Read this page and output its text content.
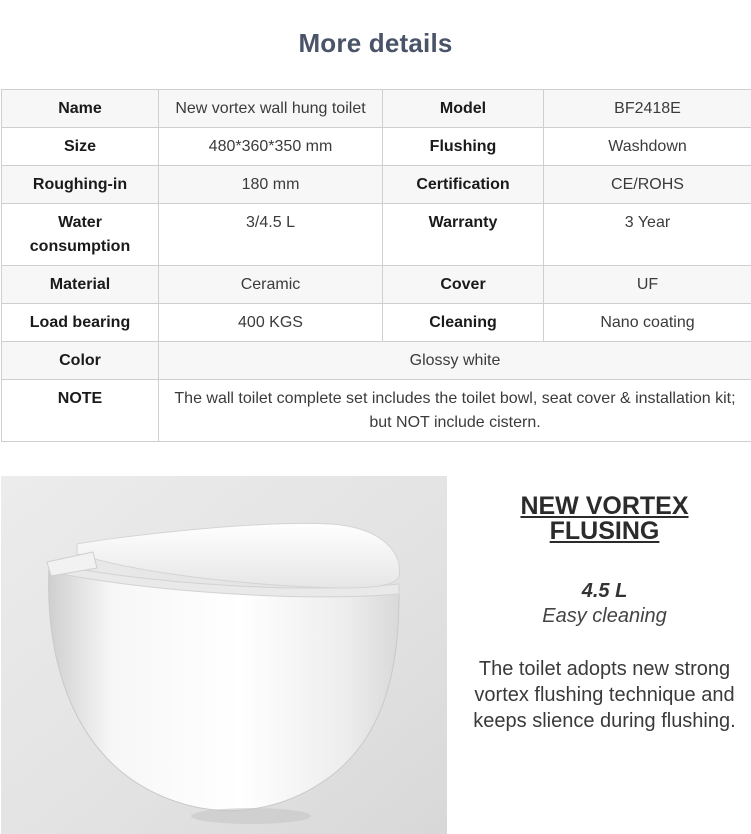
More details
Name	New vortex wall hung toilet	Model	BF2418E
Size	480*360*350 mm	Flushing	Washdown
Roughing-in	180 mm	Certification	CE/ROHS
Water consumption	3/4.5 L	Warranty	3 Year
Material	Ceramic	Cover	UF
Load bearing	400 KGS	Cleaning	Nano coating
Color	Glossy white		
NOTE	The wall toilet complete set includes the toilet bowl, seat cover & installation kit;
but NOT include cistern.		
NEW VORTEX FLUSING
4.5 L
Easy cleaning
The toilet adopts new strong vortex flushing technique and keeps slience during flushing.
